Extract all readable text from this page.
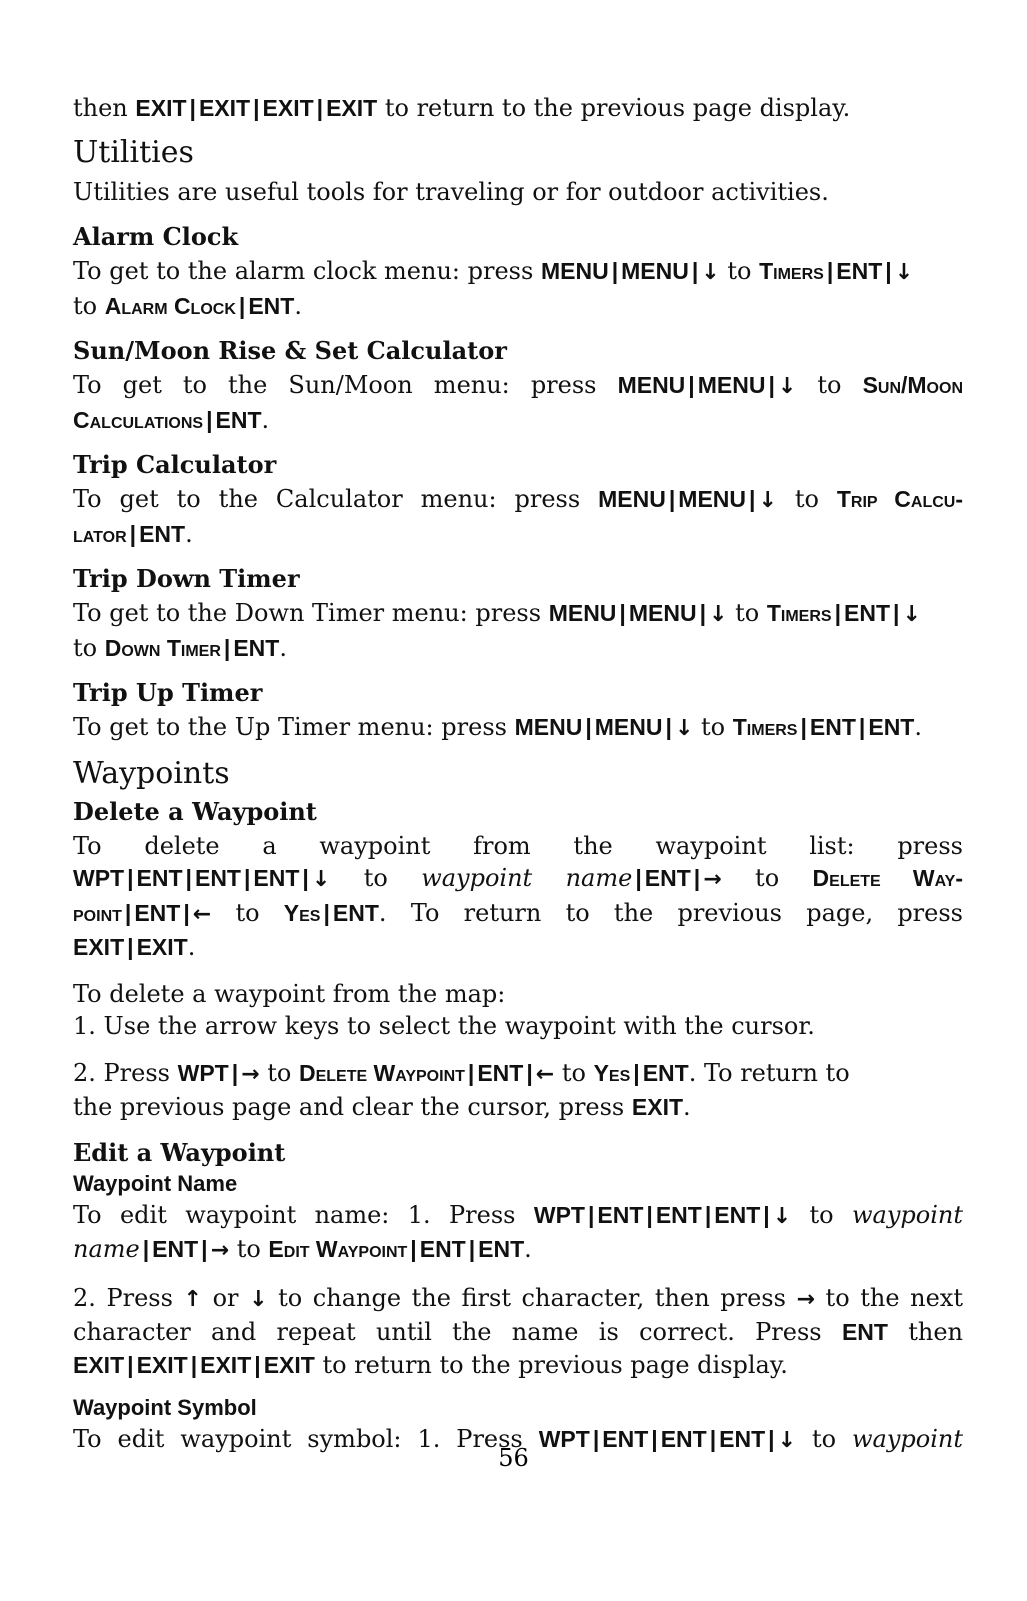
then EXIT | EXIT | EXIT | EXIT to return to the previous page display.

Utilities

Utilities are useful tools for traveling or for outdoor activities.

Alarm Clock

To get to the alarm clock menu: press MENU | MENU | ↓ to Timers | ENT | ↓
to Alarm Clock | ENT.

Sun/Moon Rise & Set Calculator

To get to the Sun/Moon menu: press MENU | MENU | ↓ to Sun/Moon

Calculations | ENT.

Trip Calculator

To get to the Calculator menu: press MENU | MENU | ↓ to Trip Calcu-

lator | ENT.

Trip Down Timer

To get to the Down Timer menu: press MENU | MENU | ↓ to Timers | ENT | ↓
to Down Timer | ENT.

Trip Up Timer

To get to the Up Timer menu: press MENU | MENU | ↓ to Timers | ENT | ENT.

Waypoints
Delete a Waypoint

To delete a waypoint from the waypoint list: press

WPT | ENT | ENT | ENT | ↓ to waypoint name | ENT | → to Delete Way-

point | ENT | ← to Yes | ENT. To return to the previous page, press

EXIT | EXIT.

To delete a waypoint from the map:

1. Use the arrow keys to select the waypoint with the cursor.

2. Press WPT | → to Delete Waypoint | ENT | ← to Yes | ENT. To return to
the previous page and clear the cursor, press EXIT.

Edit a Waypoint
Waypoint Name

To edit waypoint name: 1. Press WPT | ENT | ENT | ENT | ↓ to waypoint

name | ENT | → to Edit Waypoint | ENT | ENT.

2. Press ↑ or ↓ to change the first character, then press → to the next

character and repeat until the name is correct. Press ENT then

EXIT | EXIT | EXIT | EXIT to return to the previous page display.

Waypoint Symbol

To edit waypoint symbol: 1. Press WPT | ENT | ENT | ENT | ↓ to waypoint

56
